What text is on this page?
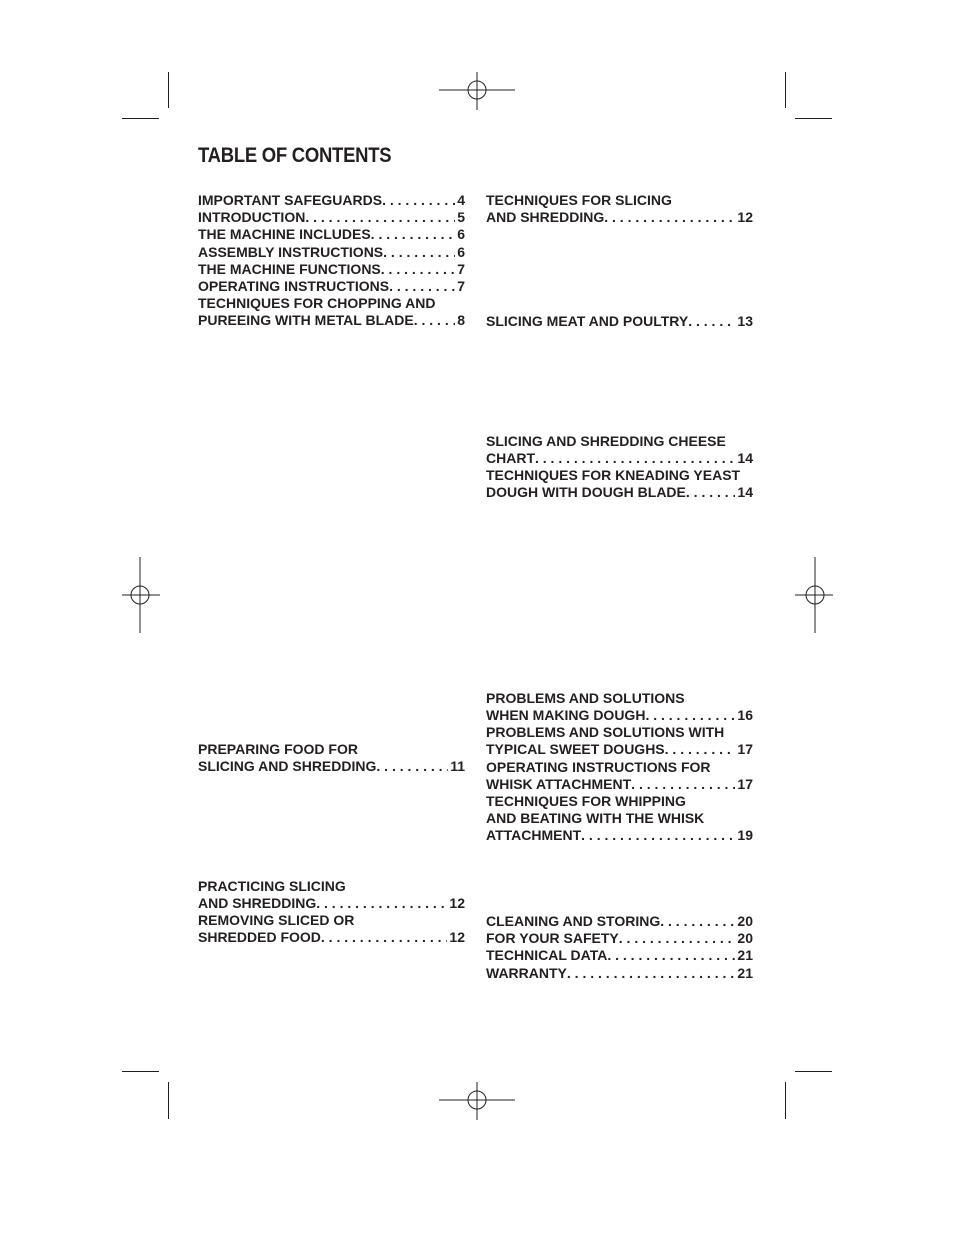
TABLE OF CONTENTS
IMPORTANT SAFEGUARDS . . .	4
INTRODUCTION . . .	5
THE MACHINE INCLUDES . . .	6
ASSEMBLY INSTRUCTIONS . . .	6
THE MACHINE FUNCTIONS . . .	7
OPERATING INSTRUCTIONS . . .	7
TECHNIQUES FOR CHOPPING AND
PUREEING WITH METAL BLADE . . .	8
PREPARING FOOD FOR
SLICING AND SHREDDING . . .	11
PRACTICING SLICING
AND SHREDDING . . .	12
REMOVING SLICED OR
SHREDDED FOOD . . .	12
TECHNIQUES FOR SLICING
AND SHREDDING . . .	12
SLICING MEAT AND POULTRY . . .	13
SLICING AND SHREDDING CHEESE
CHART . . .	14
TECHNIQUES FOR KNEADING YEAST
DOUGH WITH DOUGH BLADE . . .	14
PROBLEMS AND SOLUTIONS
WHEN MAKING DOUGH . . .	16
PROBLEMS AND SOLUTIONS WITH
TYPICAL SWEET DOUGHS . . .	17
OPERATING INSTRUCTIONS FOR
WHISK ATTACHMENT . . .	17
TECHNIQUES FOR WHIPPING
AND BEATING WITH THE WHISK
ATTACHMENT . . .	19
CLEANING AND STORING . . .	20
FOR YOUR SAFETY . . .	20
TECHNICAL DATA . . .	21
WARRANTY . . .	21
